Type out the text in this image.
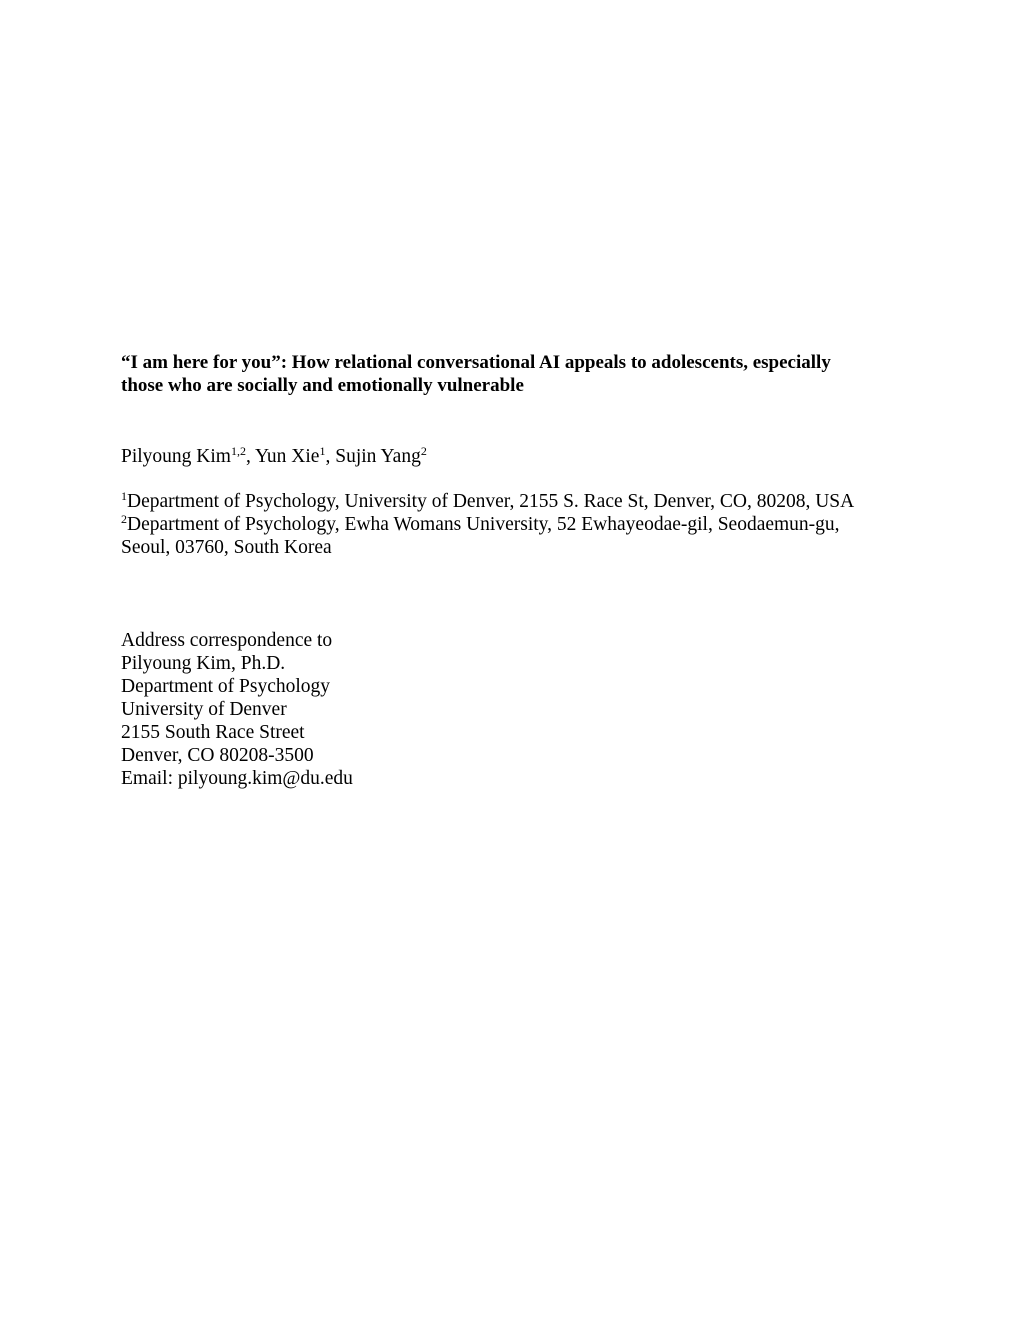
“I am here for you”: How relational conversational AI appeals to adolescents, especially
those who are socially and emotionally vulnerable

Pilyoung Kim$^{1,2}$, Yun Xie$^1$, Sujin Yang$^2$

$^1$Department of Psychology, University of Denver, 2155 S. Race St, Denver, CO, 80208, USA
$^2$Department of Psychology, Ewha Womans University, 52 Ewhayeodae-gil, Seodaemun-gu,
Seoul, 03760, South Korea
Address correspondence to
Pilyoung Kim, Ph.D.
Department of Psychology
University of Denver
2155 South Race Street
Denver, CO 80208-3500
Email: pilyoung.kim@du.edu
